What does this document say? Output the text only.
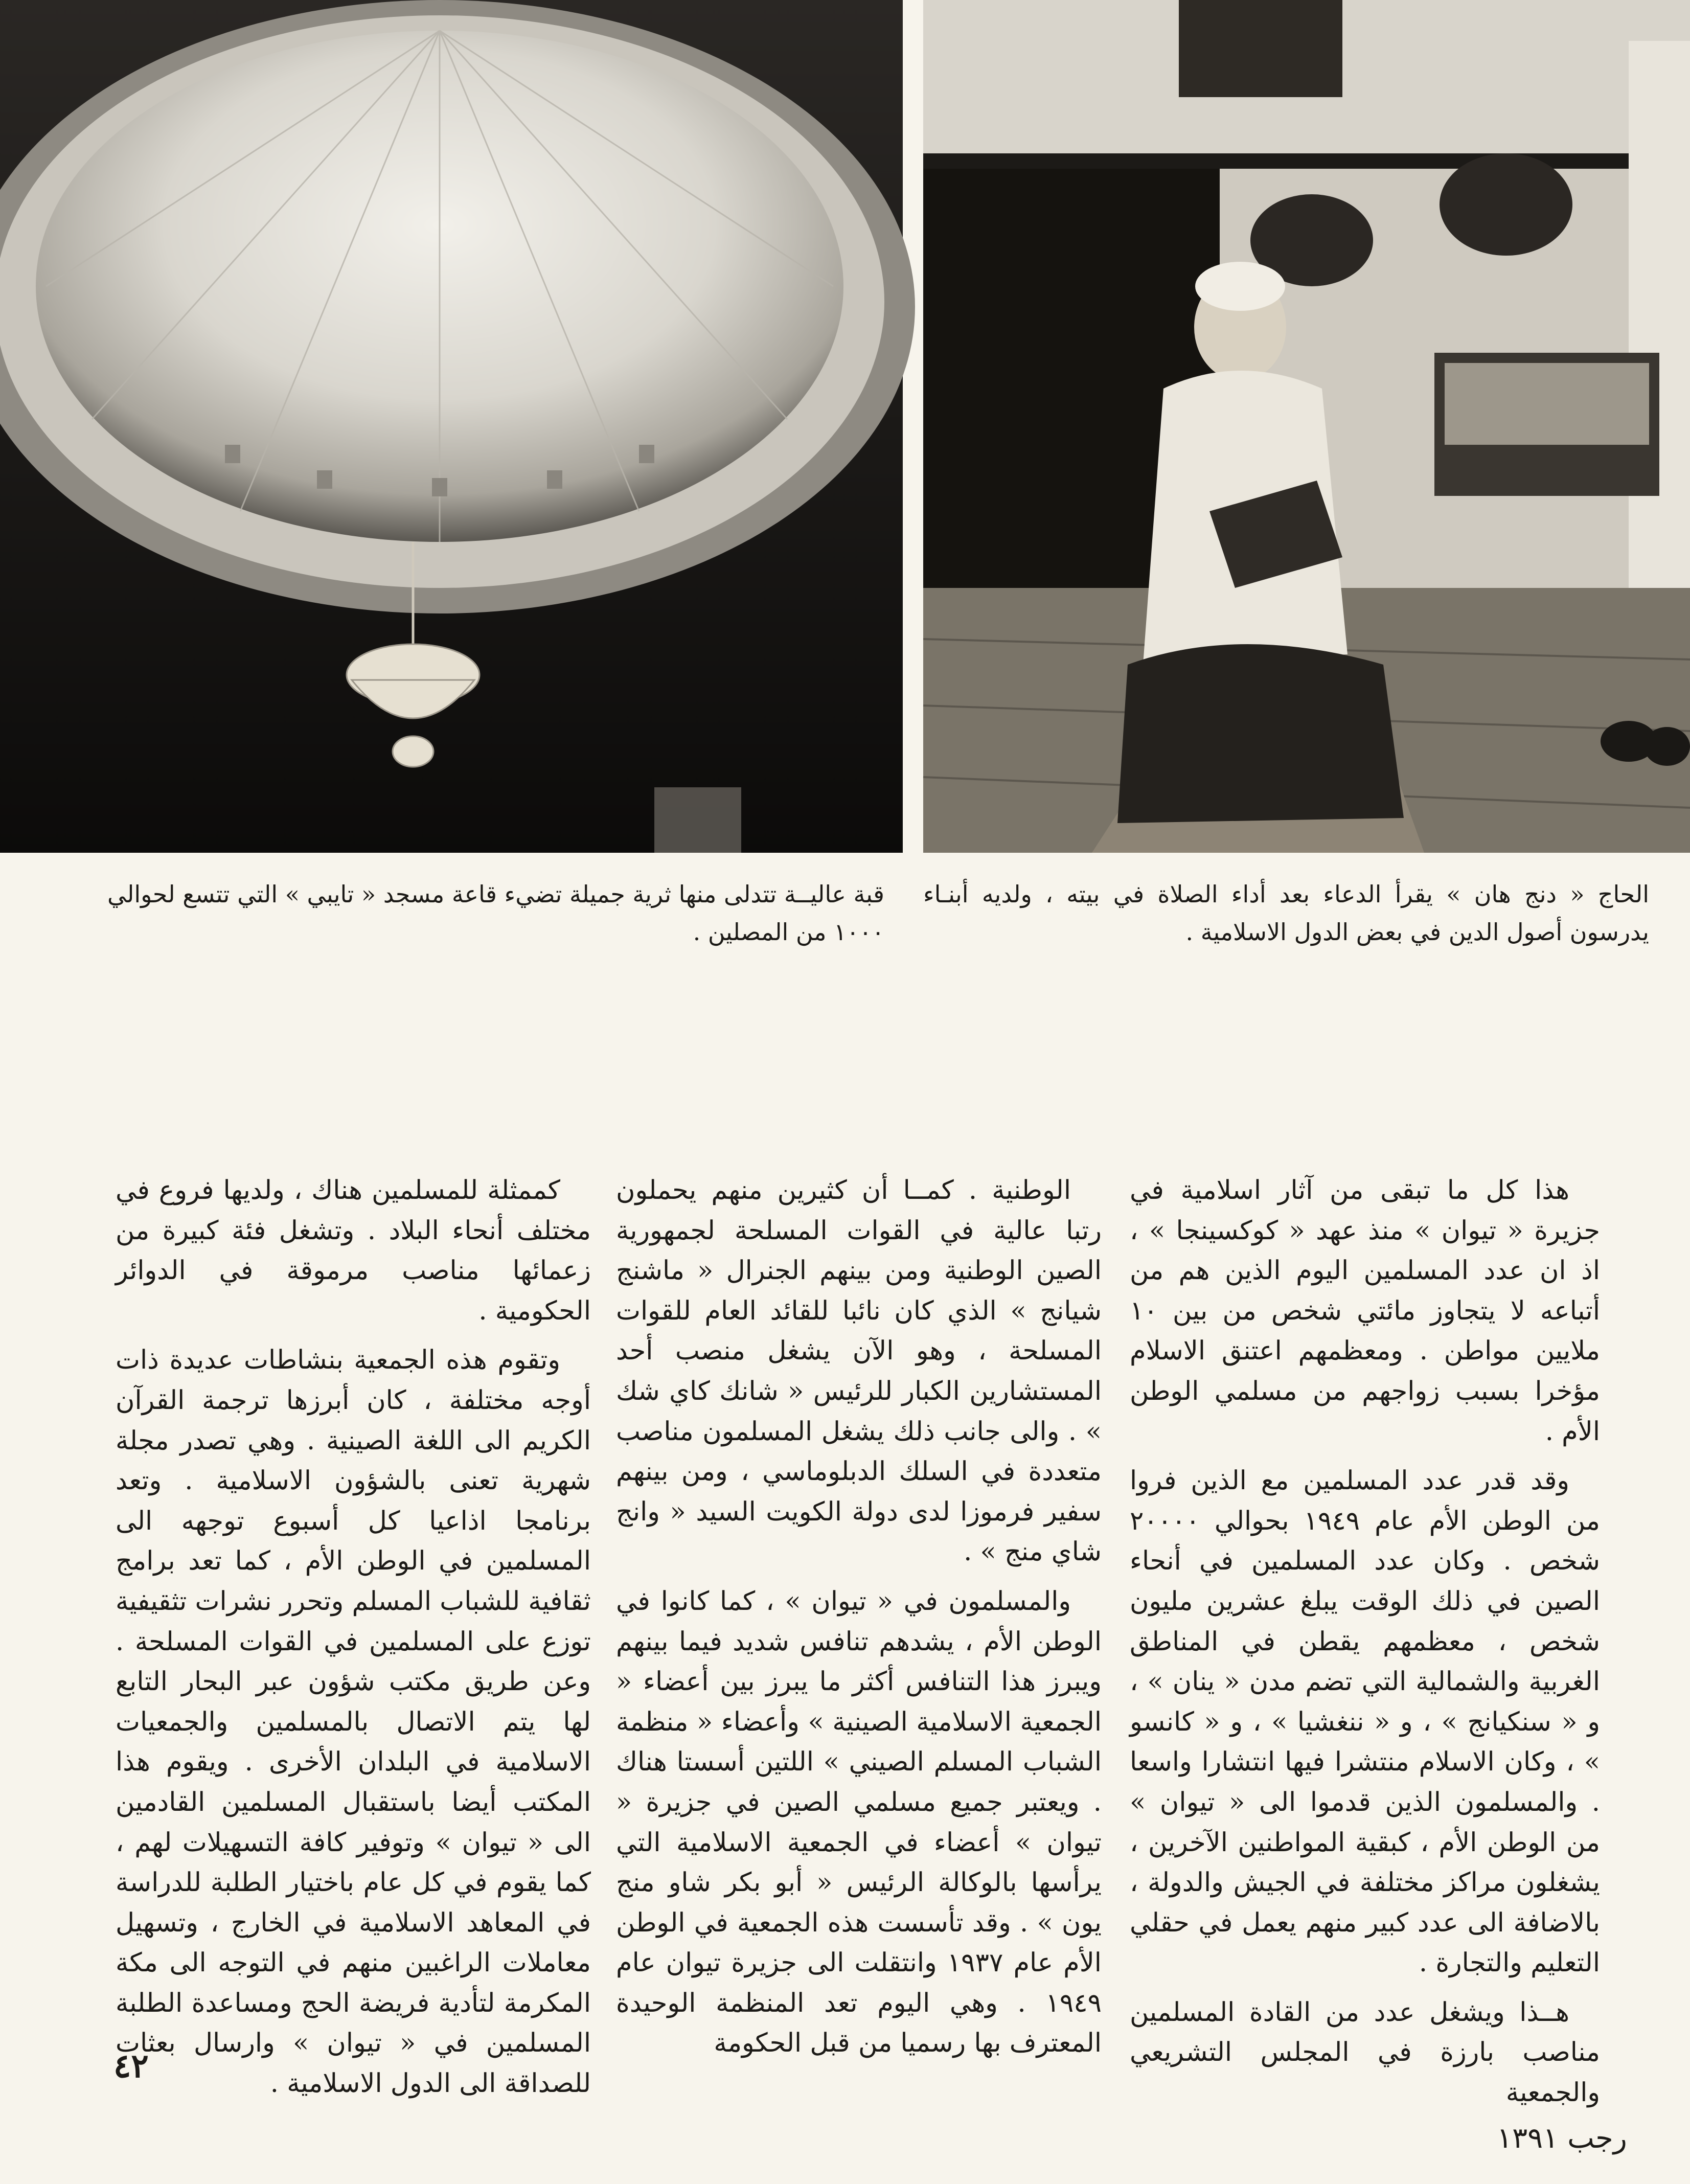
الحاج « دنج هان » يقرأ الدعاء بعد أداء الصلاة في بيته ، ولديه أبنـاء يدرسون أصول الدين في بعض الدول الاسلامية .
قبة عاليــة تتدلى منها ثرية جميلة تضيء قاعة مسجد « تايبي » التي تتسع لحوالي ١٠٠٠ من المصلين .

هذا كل ما تبقى من آثار اسلامية في جزيرة « تيوان » منذ عهد « كوكسينجا » ، اذ ان عدد المسلمين اليوم الذين هم من أتباعه لا يتجاوز مائتي شخص من بين ١٠ ملايين مواطن . ومعظمهم اعتنق الاسلام مؤخرا بسبب زواجهم من مسلمي الوطن الأم .

وقد قدر عدد المسلمين مع الذين فروا من الوطن الأم عام ١٩٤٩ بحوالي ٢٠٠٠٠ شخص . وكان عدد المسلمين في أنحاء الصين في ذلك الوقت يبلغ عشرين مليون شخص ، معظمهم يقطن في المناطق الغربية والشمالية التي تضم مدن « ينان » ، و « سنكيانج » ، و « ننغشيا » ، و « كانسو » ، وكان الاسلام منتشرا فيها انتشارا واسعا . والمسلمون الذين قدموا الى « تيوان » من الوطن الأم ، كبقية المواطنين الآخرين ، يشغلون مراكز مختلفة في الجيش والدولة ، بالاضافة الى عدد كبير منهم يعمل في حقلي التعليم والتجارة .

هــذا ويشغل عدد من القادة المسلمين مناصب بارزة في المجلس التشريعي والجمعية

الوطنية . كمــا أن كثيرين منهم يحملون رتبا عالية في القوات المسلحة لجمهورية الصين الوطنية ومن بينهم الجنرال « ماشنج شيانج » الذي كان نائبا للقائد العام للقوات المسلحة ، وهو الآن يشغل منصب أحد المستشارين الكبار للرئيس « شانك كاي شك » . والى جانب ذلك يشغل المسلمون مناصب متعددة في السلك الدبلوماسي ، ومن بينهم سفير فرموزا لدى دولة الكويت السيد « وانج شاي منج » .

والمسلمون في « تيوان » ، كما كانوا في الوطن الأم ، يشدهم تنافس شديد فيما بينهم ويبرز هذا التنافس أكثر ما يبرز بين أعضاء « الجمعية الاسلامية الصينية » وأعضاء « منظمة الشباب المسلم الصيني » اللتين أسستا هناك . ويعتبر جميع مسلمي الصين في جزيرة « تيوان » أعضاء في الجمعية الاسلامية التي يرأسها بالوكالة الرئيس « أبو بكر شاو منج يون » . وقد تأسست هذه الجمعية في الوطن الأم عام ١٩٣٧ وانتقلت الى جزيرة تيوان عام ١٩٤٩ . وهي اليوم تعد المنظمة الوحيدة المعترف بها رسميا من قبل الحكومة

كممثلة للمسلمين هناك ، ولديها فروع في مختلف أنحاء البلاد . وتشغل فئة كبيرة من زعمائها مناصب مرموقة في الدوائر الحكومية .

وتقوم هذه الجمعية بنشاطات عديدة ذات أوجه مختلفة ، كان أبرزها ترجمة القرآن الكريم الى اللغة الصينية . وهي تصدر مجلة شهرية تعنى بالشؤون الاسلامية . وتعد برنامجا اذاعيا كل أسبوع توجهه الى المسلمين في الوطن الأم ، كما تعد برامج ثقافية للشباب المسلم وتحرر نشرات تثقيفية توزع على المسلمين في القوات المسلحة . وعن طريق مكتب شؤون عبر البحار التابع لها يتم الاتصال بالمسلمين والجمعيات الاسلامية في البلدان الأخرى . ويقوم هذا المكتب أيضا باستقبال المسلمين القادمين الى « تيوان » وتوفير كافة التسهيلات لهم ، كما يقوم في كل عام باختيار الطلبة للدراسة في المعاهد الاسلامية في الخارج ، وتسهيل معاملات الراغبين منهم في التوجه الى مكة المكرمة لتأدية فريضة الحج ومساعدة الطلبة المسلمين في « تيوان » وارسال بعثات للصداقة الى الدول الاسلامية .

٤٢
رجب ١٣٩١
